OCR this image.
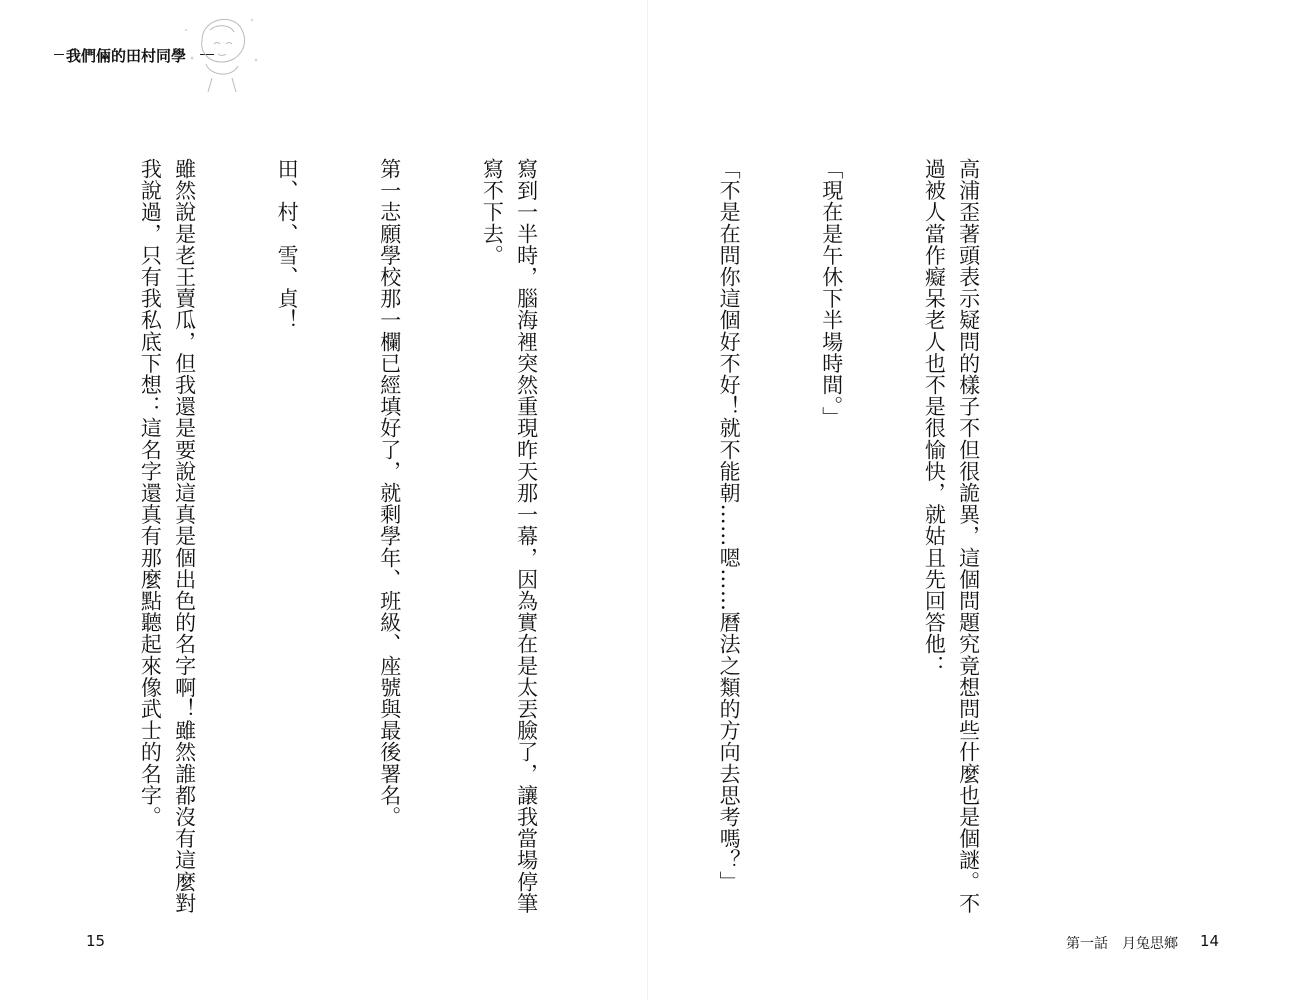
我們倆的田村同學

寫到一半時，腦海裡突然重現昨天那一幕，因為實在是太丟臉了，讓我當場停筆寫不下去。

第一志願學校那一欄已經填好了，就剩學年、班級、座號與最後署名。

田、村、雪、貞！

雖然說是老王賣瓜，但我還是要說這真是個出色的名字啊！雖然誰都沒有這麼對我說過，只有我私底下想：這名字還真有那麼點聽起來像武士的名字。

15

高浦歪著頭表示疑問的樣子不但很詭異，這個問題究竟想問些什麼也是個謎。不過被人當作癡呆老人也不是很愉快，就姑且先回答他：

「現在是午休下半場時間。」

「不是在問你這個好不好！就不能朝……嗯……曆法之類的方向去思考嗎？」

第一話　月兔思鄉 14
